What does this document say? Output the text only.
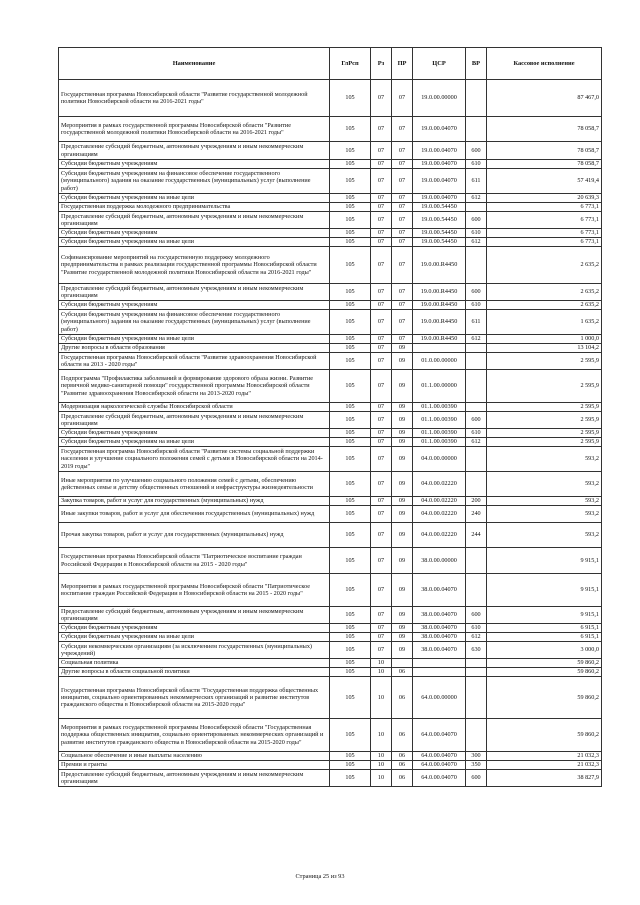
Наименование	ГлРсп	Рз	ПР	ЦСР	ВР	Кассовое исполнение
Государственная программа Новосибирской области "Развитие государственной молодежной политики Новосибирской области на 2016-2021 годы"	105	07	07	19.0.00.00000		87 467,0
Мероприятия в рамках государственной программы Новосибирской области "Развитие государственной молодежной политики Новосибирской области на 2016-2021 годы"	105	07	07	19.0.00.04070		78 058,7
Предоставление субсидий бюджетным, автономным учреждениям и иным некоммерческим организациям	105	07	07	19.0.00.04070	600	78 058,7
Субсидии бюджетным учреждениям	105	07	07	19.0.00.04070	610	78 058,7
Субсидии бюджетным учреждениям на финансовое обеспечение государственного (муниципального) задания на оказание государственных (муниципальных) услуг (выполнение работ)	105	07	07	19.0.00.04070	611	57 419,4
Субсидии бюджетным учреждениям на иные цели	105	07	07	19.0.00.04070	612	20 639,3
Государственная поддержка молодежного предпринимательства	105	07	07	19.0.00.54450		6 773,1
Предоставление субсидий бюджетным, автономным учреждениям и иным некоммерческим организациям	105	07	07	19.0.00.54450	600	6 773,1
Субсидии бюджетным учреждениям	105	07	07	19.0.00.54450	610	6 773,1
Субсидии бюджетным учреждениям на иные цели	105	07	07	19.0.00.54450	612	6 773,1
Софинансирование мероприятий на государственную поддержку молодежного предпринимательства в рамках реализации государственной программы Новосибирской области "Развитие государственной молодежной политики Новосибирской области на 2016-2021 годы"	105	07	07	19.0.00.R4450		2 635,2
Предоставление субсидий бюджетным, автономным учреждениям и иным некоммерческим организациям	105	07	07	19.0.00.R4450	600	2 635,2
Субсидии бюджетным учреждениям	105	07	07	19.0.00.R4450	610	2 635,2
Субсидии бюджетным учреждениям на финансовое обеспечение государственного (муниципального) задания на оказание государственных (муниципальных) услуг (выполнение работ)	105	07	07	19.0.00.R4450	611	1 635,2
Субсидии бюджетным учреждениям на иные цели	105	07	07	19.0.00.R4450	612	1 000,0
Другие вопросы в области образования	105	07	09			13 104,2
Государственная программа Новосибирской области "Развитие здравоохранения Новосибирской области на 2013 - 2020 годы"	105	07	09	01.0.00.00000		2 595,9
Подпрограмма "Профилактика заболеваний и формирование здорового образа жизни. Развитие первичной медико-санитарной помощи" государственной программы Новосибирской области "Развитие здравоохранения Новосибирской области на 2013-2020 годы"	105	07	09	01.1.00.00000		2 595,9
Модернизация наркологической службы Новосибирской области	105	07	09	01.1.00.00390		2 595,9
Предоставление субсидий бюджетным, автономным учреждениям и иным некоммерческим организациям	105	07	09	01.1.00.00390	600	2 595,9
Субсидии бюджетным учреждениям	105	07	09	01.1.00.00390	610	2 595,9
Субсидии бюджетным учреждениям на иные цели	105	07	09	01.1.00.00390	612	2 595,9
Государственная программа Новосибирской области "Развитие системы социальной поддержки населения и улучшение социального положения семей с детьми в Новосибирской области на 2014-2019 годы"	105	07	09	04.0.00.00000		593,2
Иные мероприятия по улучшению социального положения семей с детьми, обеспечению действенных семье и детству общественных отношений и инфраструктуры жизнедеятельности	105	07	09	04.0.00.02220		593,2
Закупка товаров, работ и услуг для государственных (муниципальных) нужд	105	07	09	04.0.00.02220	200	593,2
Иные закупки товаров, работ и услуг для обеспечения государственных (муниципальных) нужд	105	07	09	04.0.00.02220	240	593,2
Прочая закупка товаров, работ и услуг для государственных (муниципальных) нужд	105	07	09	04.0.00.02220	244	593,2
Государственная программа Новосибирской области "Патриотическое воспитание граждан Российской Федерации в Новосибирской области на 2015 - 2020 годы"	105	07	09	38.0.00.00000		9 915,1
Мероприятия в рамках государственной программы Новосибирской области "Патриотическое воспитание граждан Российской Федерации в Новосибирской области на 2015 - 2020 годы"	105	07	09	38.0.00.04070		9 915,1
Предоставление субсидий бюджетным, автономным учреждениям и иным некоммерческим организациям	105	07	09	38.0.00.04070	600	9 915,1
Субсидии бюджетным учреждениям	105	07	09	38.0.00.04070	610	6 915,1
Субсидии бюджетным учреждениям на иные цели	105	07	09	38.0.00.04070	612	6 915,1
Субсидии некоммерческим организациям (за исключением государственных (муниципальных) учреждений)	105	07	09	38.0.00.04070	630	3 000,0
Социальная политика	105	10				59 860,2
Другие вопросы в области социальной политики	105	10	06			59 860,2
Государственная программа Новосибирской области "Государственная поддержка общественных инициатив, социально ориентированных некоммерческих организаций и развитие институтов гражданского общества в Новосибирской области на 2015-2020 годы"	105	10	06	64.0.00.00000		59 860,2
Мероприятия в рамках государственной программы Новосибирской области "Государственная поддержка общественных инициатив, социально ориентированных некоммерческих организаций и развитие институтов гражданского общества в Новосибирской области на 2015-2020 годы"	105	10	06	64.0.00.04070		59 860,2
Социальное обеспечение и иные выплаты населению	105	10	06	64.0.00.04070	300	21 032,3
Премии и гранты	105	10	06	64.0.00.04070	350	21 032,3
Предоставление субсидий бюджетным, автономным учреждениям и иным некоммерческим организациям	105	10	06	64.0.00.04070	600	38 827,9
Страница 25 из 93
